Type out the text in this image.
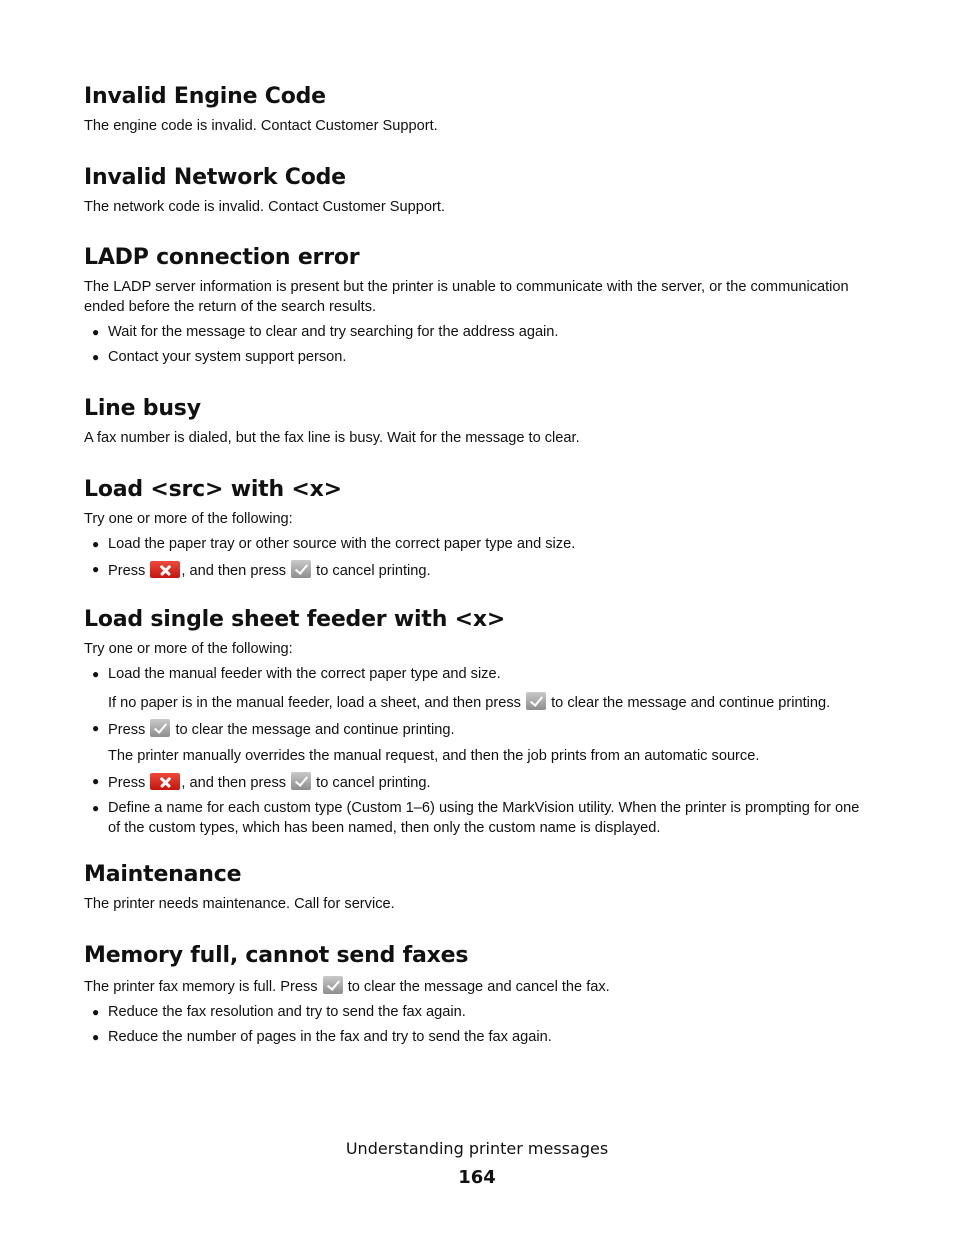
Invalid Engine Code

The engine code is invalid. Contact Customer Support.

Invalid Network Code

The network code is invalid. Contact Customer Support.

LADP connection error

The LADP server information is present but the printer is unable to communicate with the server, or the communication ended before the return of the search results.

● Wait for the message to clear and try searching for the address again.
● Contact your system support person.
Line busy

A fax number is dialed, but the fax line is busy. Wait for the message to clear.

Load <src> with <x>

Try one or more of the following:

● Load the paper tray or other source with the correct paper type and size.
● Press , and then press to cancel printing.
Load single sheet feeder with <x>

Try one or more of the following:

● Load the manual feeder with the correct paper type and size.
If no paper is in the manual feeder, load a sheet, and then press to clear the message and continue printing.
● Press to clear the message and continue printing.
The printer manually overrides the manual request, and then the job prints from an automatic source.
● Press , and then press to cancel printing.
● Define a name for each custom type (Custom 1–6) using the MarkVision utility. When the printer is prompting for one of the custom types, which has been named, then only the custom name is displayed.
Maintenance

The printer needs maintenance. Call for service.

Memory full, cannot send faxes

The printer fax memory is full. Press to clear the message and cancel the fax.

● Reduce the fax resolution and try to send the fax again.
● Reduce the number of pages in the fax and try to send the fax again.
Understanding printer messages
164
